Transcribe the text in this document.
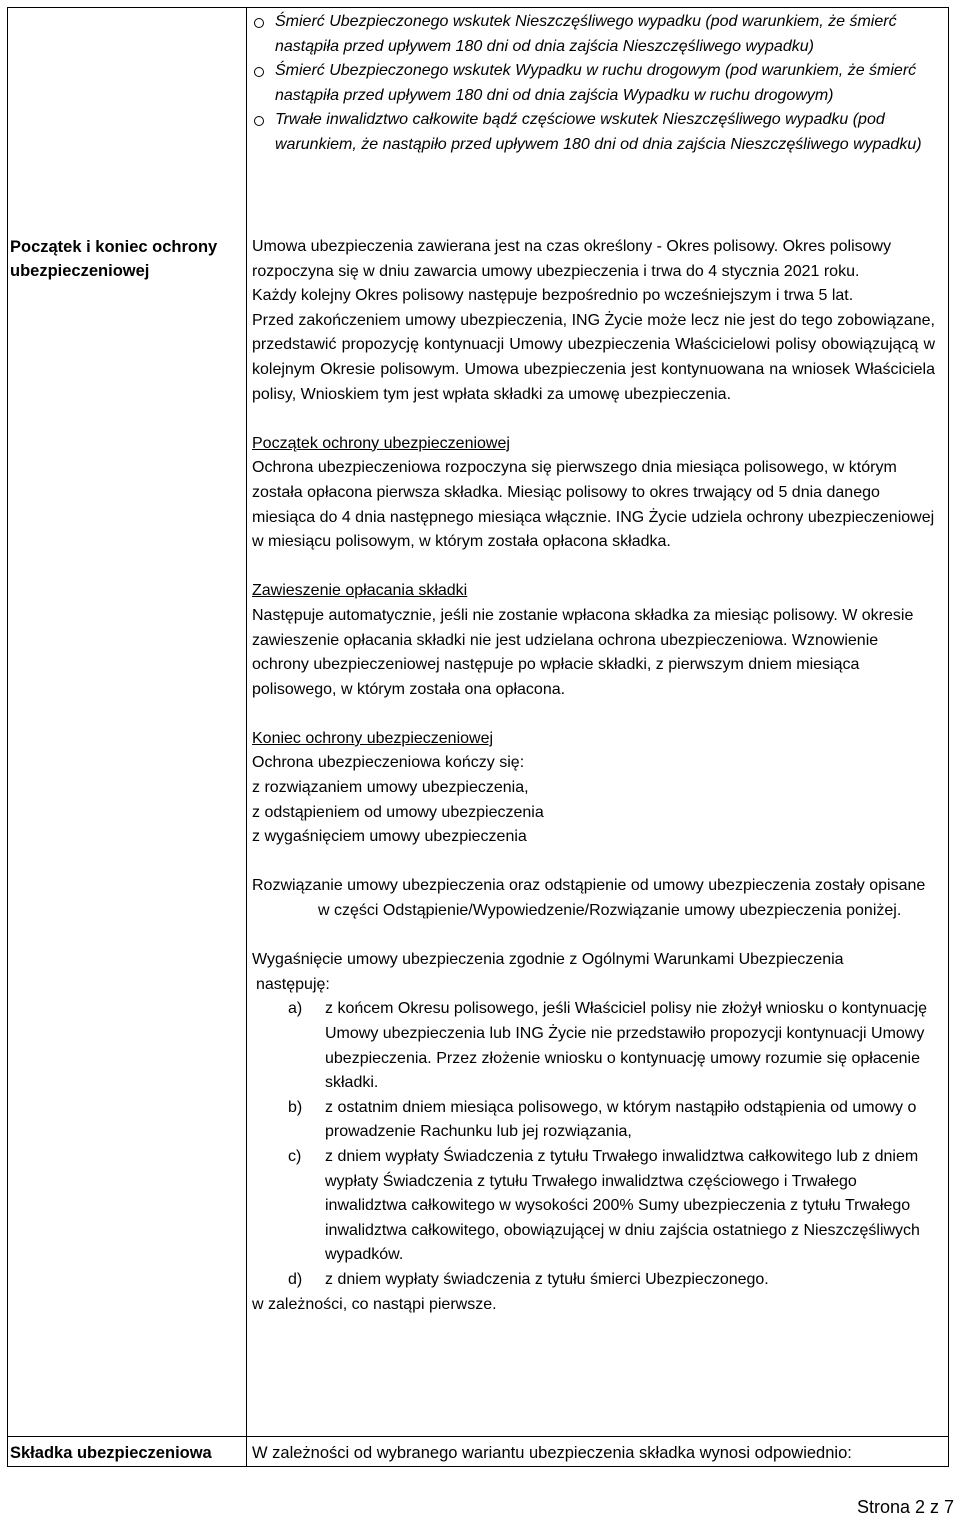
Śmierć Ubezpieczonego wskutek Nieszczęśliwego wypadku (pod warunkiem, że śmierć nastąpiła przed upływem 180 dni od dnia zajścia Nieszczęśliwego wypadku)
Śmierć Ubezpieczonego wskutek Wypadku w ruchu drogowym (pod warunkiem, że śmierć nastąpiła przed upływem 180 dni od dnia zajścia Wypadku w ruchu drogowym)
Trwałe inwalidztwo całkowite bądź częściowe wskutek Nieszczęśliwego wypadku (pod warunkiem, że nastąpiło przed upływem 180 dni od dnia zajścia Nieszczęśliwego wypadku)
Początek i koniec ochrony ubezpieczeniowej

Umowa ubezpieczenia zawierana jest na czas określony - Okres polisowy. Okres polisowy rozpoczyna się w dniu zawarcia umowy ubezpieczenia i trwa do 4 stycznia 2021 roku.

Każdy kolejny Okres polisowy następuje bezpośrednio po wcześniejszym i trwa 5 lat.

Przed zakończeniem umowy ubezpieczenia, ING Życie może lecz nie jest do tego zobowiązane, przedstawić propozycję kontynuacji Umowy ubezpieczenia Właścicielowi polisy obowiązującą w kolejnym Okresie polisowym. Umowa ubezpieczenia jest kontynuowana na wniosek Właściciela polisy, Wnioskiem tym jest wpłata składki za umowę ubezpieczenia.

Początek ochrony ubezpieczeniowej

Ochrona ubezpieczeniowa rozpoczyna się pierwszego dnia miesiąca polisowego, w którym została opłacona pierwsza składka. Miesiąc polisowy to okres trwający od 5 dnia danego miesiąca do 4 dnia następnego miesiąca włącznie. ING Życie udziela ochrony ubezpieczeniowej w miesiącu polisowym, w którym została opłacona składka.

Zawieszenie opłacania składki

Następuje automatycznie, jeśli nie zostanie wpłacona składka za miesiąc polisowy. W okresie zawieszenie opłacania składki nie jest udzielana ochrona ubezpieczeniowa. Wznowienie ochrony ubezpieczeniowej następuje po wpłacie składki, z pierwszym dniem miesiąca polisowego, w którym została ona opłacona.

Koniec ochrony ubezpieczeniowej

Ochrona ubezpieczeniowa kończy się:

z rozwiązaniem umowy ubezpieczenia,

z odstąpieniem od umowy ubezpieczenia

z wygaśnięciem umowy ubezpieczenia

Rozwiązanie umowy ubezpieczenia oraz odstąpienie od umowy ubezpieczenia zostały opisane w części Odstąpienie/Wypowiedzenie/Rozwiązanie umowy ubezpieczenia poniżej.

Wygaśnięcie umowy ubezpieczenia zgodnie z Ogólnymi Warunkami Ubezpieczenia

następuję:

a) z końcem Okresu polisowego, jeśli Właściciel polisy nie złożył wniosku o kontynuację Umowy ubezpieczenia lub ING Życie nie przedstawiło propozycji kontynuacji Umowy ubezpieczenia. Przez złożenie wniosku o kontynuację umowy rozumie się opłacenie składki.
b) z ostatnim dniem miesiąca polisowego, w którym nastąpiło odstąpienia od umowy o prowadzenie Rachunku lub jej rozwiązania,
c) z dniem wypłaty Świadczenia z tytułu Trwałego inwalidztwa całkowitego lub z dniem wypłaty Świadczenia z tytułu Trwałego inwalidztwa częściowego i Trwałego inwalidztwa całkowitego w wysokości 200% Sumy ubezpieczenia z tytułu Trwałego inwalidztwa całkowitego, obowiązującej w dniu zajścia ostatniego z Nieszczęśliwych wypadków.
d) z dniem wypłaty świadczenia z tytułu śmierci Ubezpieczonego.

w zależności, co nastąpi pierwsze.

Składka ubezpieczeniowa	W zależności od wybranego wariantu ubezpieczenia składka wynosi odpowiednio:
Strona 2 z 7
